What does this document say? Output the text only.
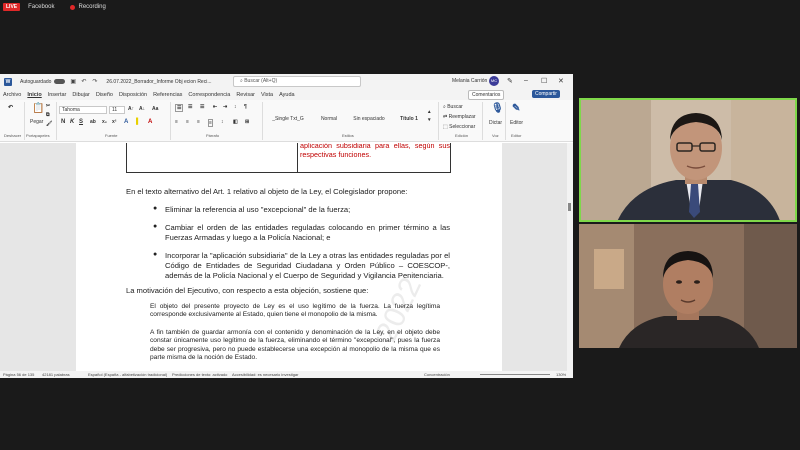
LIVE	Facebook	Recording
W	Autoguardado	▣ ↶ ↷ 26.07.2022_Borrador_Informe Obj ecion Reci...	⌕ Buscar (Alt+Q)	Melania Carrión MC ✎ – ☐ ✕
Archivo Inicio Insertar Dibujar Diseño Disposición Referencias Correspondencia Revisar Vista Ayuda	Comentarios	Compartir
↶
Deshacer
📋
Pegar
✂
⧉
🖌
Portapapeles
Tahoma	11	A↑ A↓ Aa
N K S ab x₂ x² A ▌ A
Fuente
☰	☰ ☰ ⇤ ⇥ ↕ ¶
≡ ≡ ≡ ≡ ↕ ◧ ⊞
Párrafo
_Single Txt_G	Normal	Sin espaciado	Título 1
▴
▾
Estilos
⌕ Buscar
⇄ Reemplazar
⬚ Seleccionar
Edición
🎙
Dictar
Voz
✎
Editor
Editor
2022
aplicación subsidiaria para ellas, según sus respectivas funciones.
En el texto alternativo del Art. 1 relativo al objeto de la Ley, el Colegislador propone:
● Eliminar la referencia al uso "excepcional" de la fuerza;
● Cambiar el orden de las entidades reguladas colocando en primer término a las Fuerzas Armadas y luego a la Policía Nacional; e
● Incorporar la "aplicación subsidiaria" de la Ley a otras las entidades reguladas por el Código de Entidades de Seguridad Ciudadana y Orden Público – COESCOP-, además de la Policía Nacional y el Cuerpo de Seguridad y Vigilancia Penitenciaria.
La motivación del Ejecutivo, con respecto a esta objeción, sostiene que:
El objeto del presente proyecto de Ley es el uso legítimo de la fuerza. La fuerza legítima corresponde exclusivamente al Estado, quien tiene el monopolio de la misma.
A fin también de guardar armonía con el contenido y denominación de la Ley, en el objeto debe constar únicamente uso legítimo de la fuerza, eliminando el término "excepcional", pues la fuerza debe ser progresiva, pero no puede establecerse una excepción al monopolio de la misma que es parte misma de la noción de Estado.
Página 56 de 135 42181 palabras	Español (España - alfabetización tradicional) Predicciones de texto: activado Accesibilidad: es necesario investigar	Concentración	130%
